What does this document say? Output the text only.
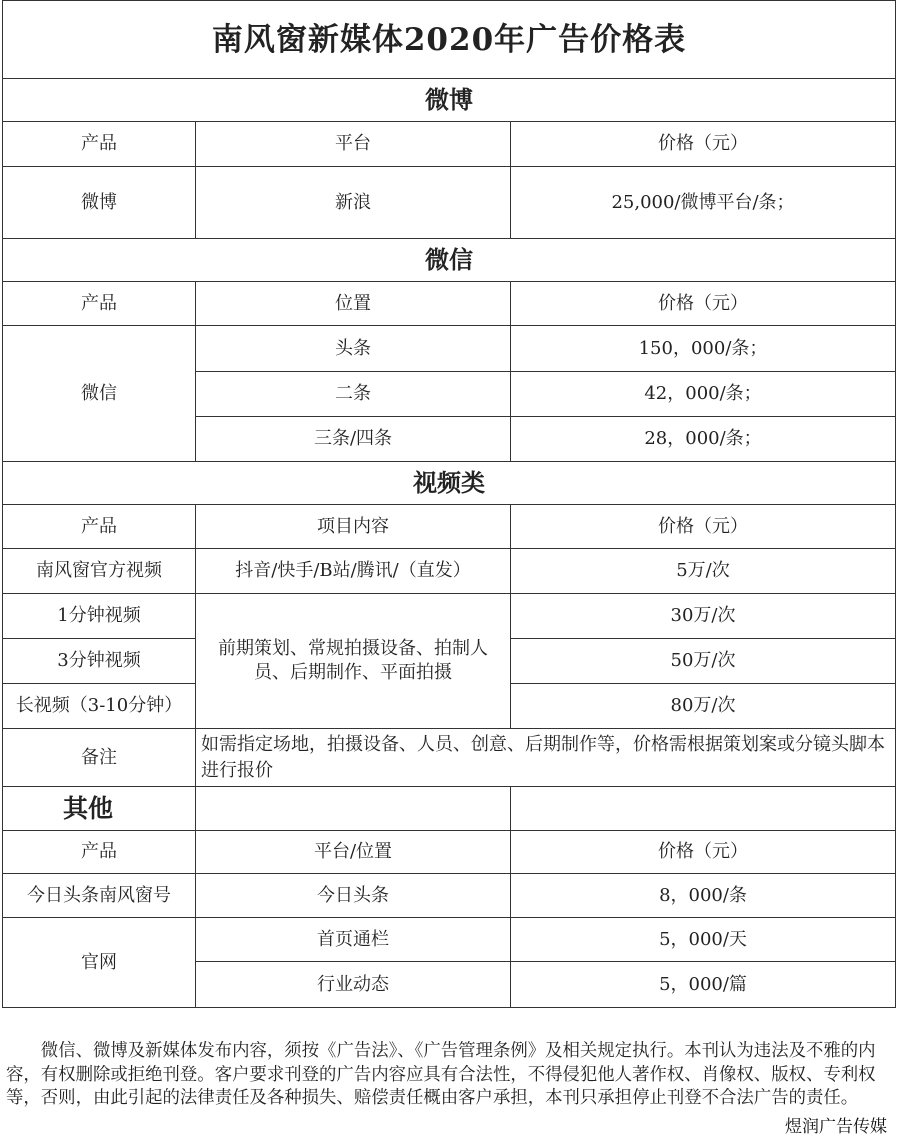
南风窗新媒体2020年广告价格表		
微博		
产品	平台	价格（元）
微博	新浪	25,000/微博平台/条；
微信		
产品	位置	价格（元）
微信	头条	150，000/条；
	二条	42，000/条；
	三条/四条	28，000/条；
视频类		
产品	项目内容	价格（元）
南风窗官方视频	抖音/快手/B站/腾讯/（直发）	5万/次
1分钟视频	前期策划、常规拍摄设备、拍制人员、后期制作、平面拍摄	30万/次
3分钟视频		50万/次
长视频（3-10分钟）		80万/次
备注	如需指定场地，拍摄设备、人员、创意、后期制作等，价格需根据策划案或分镜头脚本进行报价	
其他		
产品	平台/位置	价格（元）
今日头条南风窗号	今日头条	8，000/条
官网	首页通栏	5，000/天
	行业动态	5，000/篇

微信、微博及新媒体发布内容，须按《广告法》、《广告管理条例》及相关规定执行。本刊认为违法及不雅的内容，有权删除或拒绝刊登。客户要求刊登的广告内容应具有合法性，不得侵犯他人著作权、肖像权、版权、专利权等，否则，由此引起的法律责任及各种损失、赔偿责任概由客户承担，本刊只承担停止刊登不合法广告的责任。

煜润广告传媒
